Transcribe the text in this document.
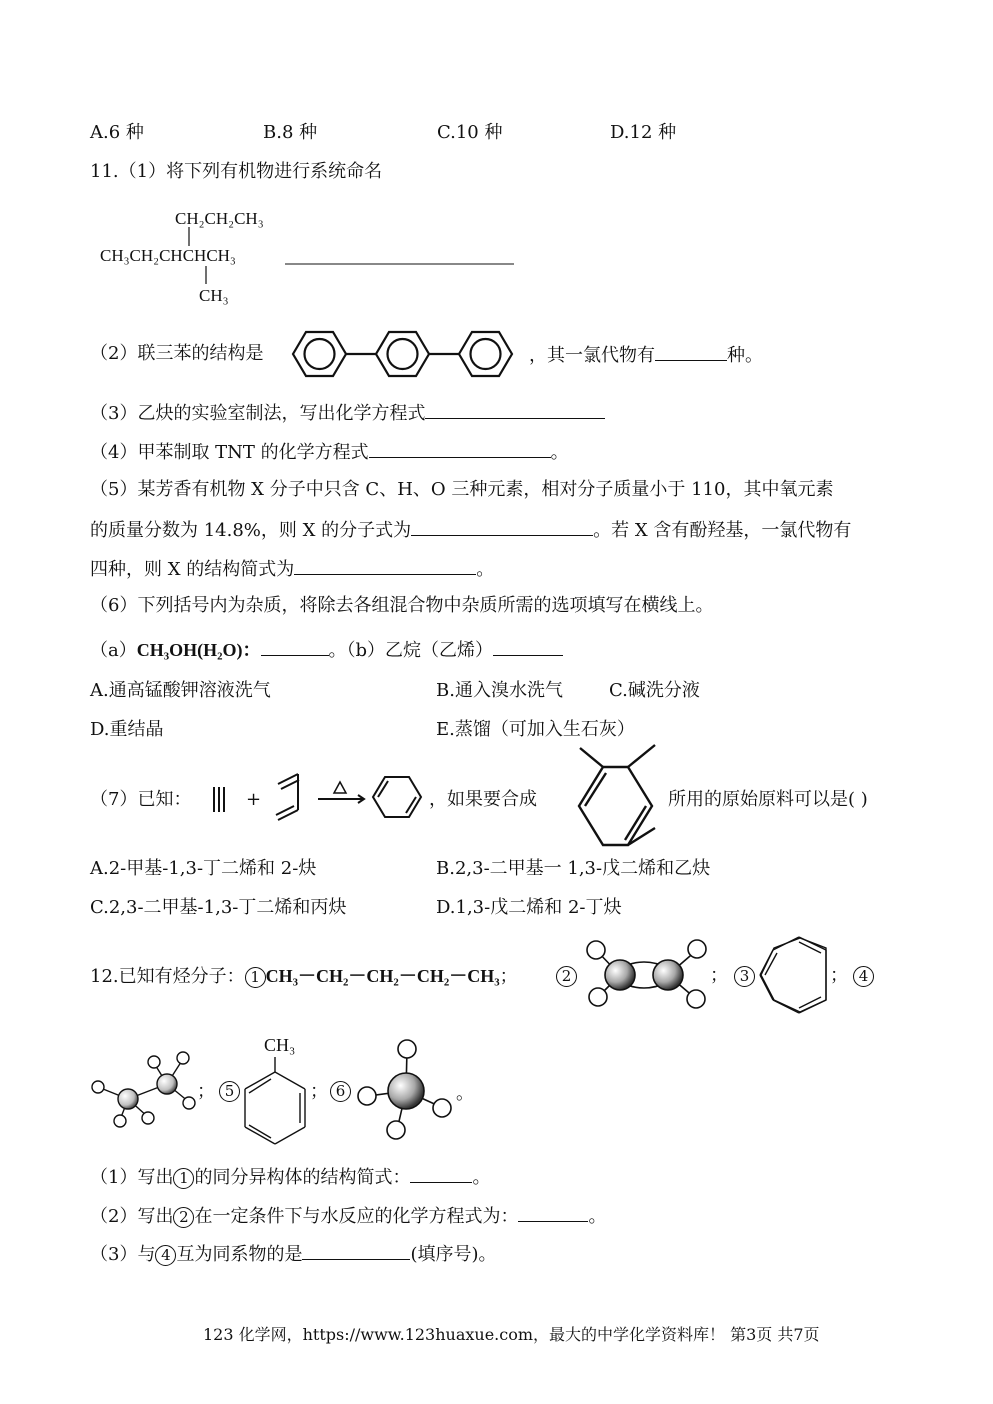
A.6 种	B.8 种	C.10 种	D.12 种
11.（1）将下列有机物进行系统命名
CH₂CH₂CH₃
CH₃CH₂CHCHCH₃
CH₃
（2）联三苯的结构是	，其一氯代物有	种。
（3）乙炔的实验室制法，写出化学方程式
（4）甲苯制取 TNT 的化学方程式	。
（5）某芳香有机物 X 分子中只含 C、H、O 三种元素，相对分子质量小于 110，其中氧元素
的质量分数为 14.8%，则 X 的分子式为	。若 X 含有酚羟基，一氯代物有
四种，则 X 的结构简式为	。
（6）下列括号内为杂质，将除去各组混合物中杂质所需的选项填写在横线上。
（a）CH₃OH(H₂O)：	。（b）乙烷（乙烯）
A.通高锰酸钾溶液洗气	B.通入溴水洗气	C.碱洗分液
D.重结晶	E.蒸馏（可加入生石灰）
（7）已知：	+	，如果要合成	所用的原始原料可以是( )
A.2-甲基-1,3-丁二烯和 2-炔	B.2,3-二甲基一 1,3-戊二烯和乙炔
C.2,3-二甲基-1,3-丁二烯和丙炔	D.1,3-戊二烯和 2-丁炔
12.已知有烃分子： 1 CH₃－CH₂－CH₂－CH₂－CH₃；	2	； 3	； 4
； 5
CH₃
； 6	。
（1）写出 1 的同分异构体的结构简式：	。
（2）写出 2 在一定条件下与水反应的化学方程式为：	。
（3）与 4 互为同系物的是	(填序号)。
123 化学网，https://www.123huaxue.com，最大的中学化学资料库！ 第3页 共7页
